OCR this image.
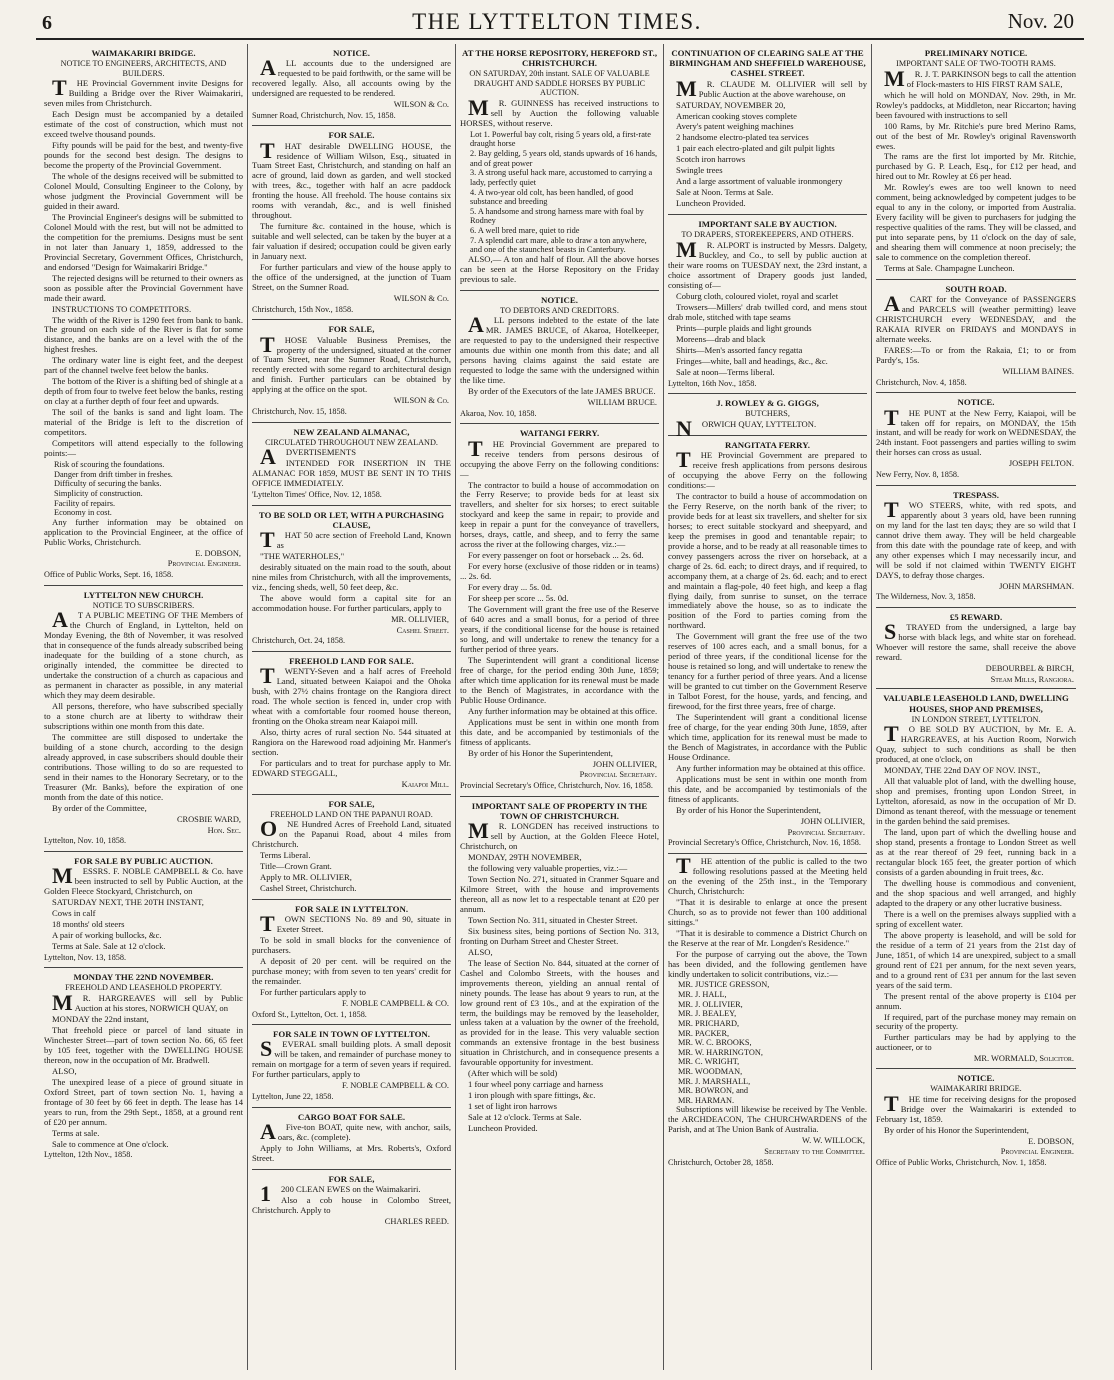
6	THE LYTTELTON TIMES.	Nov. 20
WAIMAKARIRI BRIDGE.
NOTICE TO ENGINEERS, ARCHITECTS, AND BUILDERS.
THE Provincial Government invite Designs for Building a Bridge over the River Waimakariri, seven miles from Christchurch.
Each Design must be accompanied by a detailed estimate of the cost of construction, which must not exceed twelve thousand pounds.
Fifty pounds will be paid for the best, and twenty-five pounds for the second best design. The designs to become the property of the Provincial Government.
The whole of the designs received will be submitted to Colonel Mould, Consulting Engineer to the Colony, by whose judgment the Provincial Government will be guided in their award.
The Provincial Engineer's designs will be submitted to Colonel Mould with the rest, but will not be admitted to the competition for the premiums. Designs must be sent in not later than January 1, 1859, addressed to the Provincial Secretary, Government Offices, Christchurch, and endorsed "Design for Waimakariri Bridge."
The rejected designs will be returned to their owners as soon as possible after the Provincial Government have made their award.
INSTRUCTIONS TO COMPETITORS.
The width of the River is 1290 feet from bank to bank. The ground on each side of the River is flat for some distance, and the banks are on a level with the of the highest freshes.
The ordinary water line is eight feet, and the deepest part of the channel twelve feet below the banks.
The bottom of the River is a shifting bed of shingle at a depth of from four to twelve feet below the banks, resting on clay at a further depth of four feet and upwards.
The soil of the banks is sand and light loam. The material of the Bridge is left to the discretion of competitors.
Competitors will attend especially to the following points:—
Risk of scouring the foundations.
Danger from drift timber in freshes.
Difficulty of securing the banks.
Simplicity of construction.
Facility of repairs.
Economy in cost.
Any further information may be obtained on application to the Provincial Engineer, at the office of Public Works, Christchurch.
E. DOBSON,
Provincial Engineer.
Office of Public Works, Sept. 16, 1858.
LYTTELTON NEW CHURCH.
NOTICE TO SUBSCRIBERS.
AT A PUBLIC MEETING OF THE Members of the Church of England, in Lyttelton, held on Monday Evening, the 8th of November, it was resolved that in consequence of the funds already subscribed being inadequate for the building of a stone church, as originally intended, the committee be directed to undertake the construction of a church as capacious and as permanent in character as possible, in any material which they may deem desirable.
All persons, therefore, who have subscribed specially to a stone church are at liberty to withdraw their subscriptions within one month from this date.
The committee are still disposed to undertake the building of a stone church, according to the design already approved, in case subscribers should double their contributions. Those willing to do so are requested to send in their names to the Honorary Secretary, or to the Treasurer (Mr. Banks), before the expiration of one month from the date of this notice.
By order of the Committee,
CROSBIE WARD,
Hon. Sec.
Lyttelton, Nov. 10, 1858.
FOR SALE BY PUBLIC AUCTION.
MESSRS. F. NOBLE CAMPBELL & Co. have been instructed to sell by Public Auction, at the Golden Fleece Stockyard, Christchurch, on
SATURDAY NEXT, THE 20TH INSTANT,
Cows in calf
18 months' old steers
A pair of working bullocks, &c.
Terms at Sale. Sale at 12 o'clock.
Lyttelton, Nov. 13, 1858.
MONDAY THE 22ND NOVEMBER.
FREEHOLD AND LEASEHOLD PROPERTY.
MR. HARGREAVES will sell by Public Auction at his stores, NORWICH QUAY, on
MONDAY the 22nd instant,
That freehold piece or parcel of land situate in Winchester Street—part of town section No. 66, 65 feet by 105 feet, together with the DWELLING HOUSE thereon, now in the occupation of Mr. Bradwell.
ALSO,
The unexpired lease of a piece of ground situate in Oxford Street, part of town section No. 1, having a frontage of 30 feet by 66 feet in depth. The lease has 14 years to run, from the 29th Sept., 1858, at a ground rent of £20 per annum.
Terms at sale.
Sale to commence at One o'clock.
Lyttelton, 12th Nov., 1858.
NOTICE.
ALL accounts due to the undersigned are requested to be paid forthwith, or the same will be recovered legally. Also, all accounts owing by the undersigned are requested to be rendered.
WILSON & Co.
Sumner Road, Christchurch, Nov. 15, 1858.
FOR SALE.
THAT desirable DWELLING HOUSE, the residence of William Wilson, Esq., situated in Tuam Street East, Christchurch, and standing on half an acre of ground, laid down as garden, and well stocked with trees, &c., together with half an acre paddock fronting the house. All freehold. The house contains six rooms with verandah, &c., and is well finished throughout.
The furniture &c. contained in the house, which is suitable and well selected, can be taken by the buyer at a fair valuation if desired; occupation could be given early in January next.
For further particulars and view of the house apply to the office of the undersigned, at the junction of Tuam Street, on the Sumner Road.
WILSON & Co.
Christchurch, 15th Nov., 1858.
FOR SALE,
THOSE Valuable Business Premises, the property of the undersigned, situated at the corner of Tuam Street, near the Sumner Road, Christchurch, recently erected with some regard to architectural design and finish. Further particulars can be obtained by applying at the office on the spot.
WILSON & Co.
Christchurch, Nov. 15, 1858.
NEW ZEALAND ALMANAC,
CIRCULATED THROUGHOUT NEW ZEALAND.
ADVERTISEMENTS
INTENDED FOR INSERTION IN THE ALMANAC FOR 1859, MUST BE SENT IN TO THIS OFFICE IMMEDIATELY.
'Lyttelton Times' Office, Nov. 12, 1858.
TO BE SOLD OR LET, WITH A PURCHASING CLAUSE,
THAT 50 acre section of Freehold Land, Known as
"THE WATERHOLES,"
desirably situated on the main road to the south, about nine miles from Christchurch, with all the improvements, viz., fencing sheds, well, 50 feet deep, &c.
The above would form a capital site for an accommodation house. For further particulars, apply to
MR. OLLIVIER,
Cashel Street.
Christchurch, Oct. 24, 1858.
FREEHOLD LAND FOR SALE.
TWENTY-Seven and a half acres of Freehold Land, situated between Kaiapoi and the Ohoka bush, with 27½ chains frontage on the Rangiora direct road. The whole section is fenced in, under crop with wheat with a comfortable four roomed house thereon, fronting on the Ohoka stream near Kaiapoi mill.
Also, thirty acres of rural section No. 544 situated at Rangiora on the Harewood road adjoining Mr. Hanmer's section.
For particulars and to treat for purchase apply to Mr. EDWARD STEGGALL,
Kaiapoi Mill.
FOR SALE,
FREEHOLD LAND ON THE PAPANUI ROAD.
ONE Hundred Acres of Freehold Land, situated on the Papanui Road, about 4 miles from Christchurch.
Terms Liberal.
Title—Crown Grant.
Apply to MR. OLLIVIER,
Cashel Street, Christchurch.
FOR SALE IN LYTTELTON.
TOWN SECTIONS No. 89 and 90, situate in Exeter Street.
To be sold in small blocks for the convenience of purchasers.
A deposit of 20 per cent. will be required on the purchase money; with from seven to ten years' credit for the remainder.
For further particulars apply to
F. NOBLE CAMPBELL & CO.
Oxford St., Lyttelton, Oct. 1, 1858.
FOR SALE IN TOWN OF LYTTELTON.
SEVERAL small building plots. A small deposit will be taken, and remainder of purchase money to remain on mortgage for a term of seven years if required. For further particulars, apply to
F. NOBLE CAMPBELL & CO.
Lyttelton, June 22, 1858.
CARGO BOAT FOR SALE.
AFive-ton BOAT, quite new, with anchor, sails, oars, &c. (complete).
Apply to John Williams, at Mrs. Roberts's, Oxford Street.
FOR SALE,
1200 CLEAN EWES on the Waimakariri.
Also a cob house in Colombo Street, Christchurch. Apply to
CHARLES REED.
AT THE HORSE REPOSITORY, HEREFORD ST., CHRISTCHURCH.
ON SATURDAY, 20th instant. SALE OF VALUABLE DRAUGHT AND SADDLE HORSES BY PUBLIC AUCTION.
MR. GUINNESS has received instructions to sell by Auction the following valuable HORSES, without reserve.
Lot 1. Powerful bay colt, rising 5 years old, a first-rate draught horse
2. Bay gelding, 5 years old, stands upwards of 16 hands, and of great power
3. A strong useful hack mare, accustomed to carrying a lady, perfectly quiet
4. A two-year old colt, has been handled, of good substance and breeding
5. A handsome and strong harness mare with foal by Rodney
6. A well bred mare, quiet to ride
7. A splendid cart mare, able to draw a ton anywhere, and one of the staunchest beasts in Canterbury.
ALSO,— A ton and half of flour. All the above horses can be seen at the Horse Repository on the Friday previous to sale.
NOTICE.
TO DEBTORS AND CREDITORS.
ALL persons indebted to the estate of the late MR. JAMES BRUCE, of Akaroa, Hotelkeeper, are requested to pay to the undersigned their respective amounts due within one month from this date; and all persons having claims against the said estate are requested to lodge the same with the undersigned within the like time.
By order of the Executors of the late JAMES BRUCE.
WILLIAM BRUCE.
Akaroa, Nov. 10, 1858.
WAITANGI FERRY.
THE Provincial Government are prepared to receive tenders from persons desirous of occupying the above Ferry on the following conditions:—
The contractor to build a house of accommodation on the Ferry Reserve; to provide beds for at least six travellers, and shelter for six horses; to erect suitable stockyard and keep the same in repair; to provide and keep in repair a punt for the conveyance of travellers, horses, drays, cattle, and sheep, and to ferry the same across the river at the following charges, viz.:—
For every passenger on foot or horseback ... 2s. 6d.
For every horse (exclusive of those ridden or in teams) ... 2s. 6d.
For every dray ... 5s. 0d.
For sheep per score ... 5s. 0d.
The Government will grant the free use of the Reserve of 640 acres and a small bonus, for a period of three years, if the conditional license for the house is retained so long, and will undertake to renew the tenancy for a further period of three years.
The Superintendent will grant a conditional license free of charge, for the period ending 30th June, 1859; after which time application for its renewal must be made to the Bench of Magistrates, in accordance with the Public House Ordinance.
Any further information may be obtained at this office.
Applications must be sent in within one month from this date, and be accompanied by testimonials of the fitness of applicants.
By order of his Honor the Superintendent,
JOHN OLLIVIER,
Provincial Secretary.
Provincial Secretary's Office, Christchurch, Nov. 16, 1858.
IMPORTANT SALE OF PROPERTY IN THE TOWN OF CHRISTCHURCH.
MR. LONGDEN has received instructions to sell by Auction, at the Golden Fleece Hotel, Christchurch, on
MONDAY, 29TH NOVEMBER,
the following very valuable properties, viz.:—
Town Section No. 271, situated in Cranmer Square and Kilmore Street, with the house and improvements thereon, all as now let to a respectable tenant at £20 per annum.
Town Section No. 311, situated in Chester Street.
Six business sites, being portions of Section No. 313, fronting on Durham Street and Chester Street.
ALSO,
The lease of Section No. 844, situated at the corner of Cashel and Colombo Streets, with the houses and improvements thereon, yielding an annual rental of ninety pounds. The lease has about 9 years to run, at the low ground rent of £3 10s., and at the expiration of the term, the buildings may be removed by the leaseholder, unless taken at a valuation by the owner of the freehold, as provided for in the lease. This very valuable section commands an extensive frontage in the best business situation in Christchurch, and in consequence presents a favourable opportunity for investment.
(After which will be sold)
1 four wheel pony carriage and harness
1 iron plough with spare fittings, &c.
1 set of light iron harrows
Sale at 12 o'clock. Terms at Sale.
Luncheon Provided.
CONTINUATION OF CLEARING SALE AT THE BIRMINGHAM AND SHEFFIELD WAREHOUSE, CASHEL STREET.
MR. CLAUDE M. OLLIVIER will sell by Public Auction at the above warehouse, on
SATURDAY, NOVEMBER 20,
American cooking stoves complete
Avery's patent weighing machines
2 handsome electro-plated tea services
1 pair each electro-plated and gilt pulpit lights
Scotch iron harrows
Swingle trees
And a large assortment of valuable ironmongery
Sale at Noon. Terms at Sale.
Luncheon Provided.
IMPORTANT SALE BY AUCTION.
TO DRAPERS, STOREKEEPERS, AND OTHERS.
MR. ALPORT is instructed by Messrs. Dalgety, Buckley, and Co., to sell by public auction at their ware rooms on TUESDAY next, the 23rd instant, a choice assortment of Drapery goods just landed, consisting of—
Coburg cloth, coloured violet, royal and scarlet
Trowsers—Millers' drab twilled cord, and mens stout drab mole, stitched with tape seams
Prints—purple plaids and light grounds
Moreens—drab and black
Shirts—Men's assorted fancy regatta
Fringes—white, ball and headings, &c., &c.
Sale at noon—Terms liberal.
Lyttelton, 16th Nov., 1858.
J. ROWLEY & G. GIGGS,
BUTCHERS,
NORWICH QUAY, LYTTELTON.
RANGITATA FERRY.
THE Provincial Government are prepared to receive fresh applications from persons desirous of occupying the above Ferry on the following conditions:—
The contractor to build a house of accommodation on the Ferry Reserve, on the north bank of the river; to provide beds for at least six travellers, and shelter for six horses; to erect suitable stockyard and sheepyard, and keep the premises in good and tenantable repair; to provide a horse, and to be ready at all reasonable times to convey passengers across the river on horseback, at a charge of 2s. 6d. each; to direct drays, and if required, to accompany them, at a charge of 2s. 6d. each; and to erect and maintain a flag-pole, 40 feet high, and keep a flag flying daily, from sunrise to sunset, on the terrace immediately above the house, so as to indicate the position of the Ford to parties coming from the northward.
The Government will grant the free use of the two reserves of 100 acres each, and a small bonus, for a period of three years, if the conditional license for the house is retained so long, and will undertake to renew the tenancy for a further period of three years. And a license will be granted to cut timber on the Government Reserve in Talbot Forest, for the house, yards, and fencing, and firewood, for the first three years, free of charge.
The Superintendent will grant a conditional license free of charge, for the year ending 30th June, 1859, after which time, application for its renewal must be made to the Bench of Magistrates, in accordance with the Public House Ordinance.
Any further information may be obtained at this office.
Applications must be sent in within one month from this date, and be accompanied by testimonials of the fitness of applicants.
By order of his Honor the Superintendent,
JOHN OLLIVIER,
Provincial Secretary.
Provincial Secretary's Office, Christchurch, Nov. 16, 1858.
THE attention of the public is called to the two following resolutions passed at the Meeting held on the evening of the 25th inst., in the Temporary Church, Christchurch:
"That it is desirable to enlarge at once the present Church, so as to provide not fewer than 100 additional sittings."
"That it is desirable to commence a District Church on the Reserve at the rear of Mr. Longden's Residence."
For the purpose of carrying out the above, the Town has been divided, and the following gentlemen have kindly undertaken to solicit contributions, viz.:—
MR. JUSTICE GRESSON,
MR. J. HALL,
MR. J. OLLIVIER,
MR. J. BEALEY,
MR. PRICHARD,
MR. PACKER,
MR. W. C. BROOKS,
MR. W. HARRINGTON,
MR. C. WRIGHT,
MR. WOODMAN,
MR. J. MARSHALL,
MR. BOWRON, and
MR. HARMAN.
Subscriptions will likewise be received by The Venble. the ARCHDEACON, The CHURCHWARDENS of the Parish, and at The Union Bank of Australia.
W. W. WILLOCK,
Secretary to the Committee.
Christchurch, October 28, 1858.
PRELIMINARY NOTICE.
IMPORTANT SALE OF TWO-TOOTH RAMS.
MR. J. T. PARKINSON begs to call the attention of Flock-masters to HIS FIRST RAM SALE,
which he will hold on MONDAY, Nov. 29th, in Mr. Rowley's paddocks, at Middleton, near Riccarton; having been favoured with instructions to sell
100 Rams, by Mr. Ritchie's pure bred Merino Rams, out of the best of Mr. Rowley's original Ravensworth ewes.
The rams are the first lot imported by Mr. Ritchie, purchased by G. P. Leach, Esq., for £12 per head, and hired out to Mr. Rowley at £6 per head.
Mr. Rowley's ewes are too well known to need comment, being acknowledged by competent judges to be equal to any in the colony, or imported from Australia. Every facility will be given to purchasers for judging the respective qualities of the rams. They will be classed, and put into separate pens, by 11 o'clock on the day of sale, and shearing them will commence at noon precisely; the sale to commence on the completion thereof.
Terms at Sale. Champagne Luncheon.
SOUTH ROAD.
ACART for the Conveyance of PASSENGERS and PARCELS will (weather permitting) leave CHRISTCHURCH every WEDNESDAY, and the RAKAIA RIVER on FRIDAYS and MONDAYS in alternate weeks.
FARES:—To or from the Rakaia, £1; to or from Pardy's, 15s.
WILLIAM BAINES.
Christchurch, Nov. 4, 1858.
NOTICE.
THE PUNT at the New Ferry, Kaiapoi, will be taken off for repairs, on MONDAY, the 15th instant, and will be ready for work on WEDNESDAY, the 24th instant. Foot passengers and parties willing to swim their horses can cross as usual.
JOSEPH FELTON.
New Ferry, Nov. 8, 1858.
TRESPASS.
TWO STEERS, white, with red spots, and apparently about 3 years old, have been running on my land for the last ten days; they are so wild that I cannot drive them away. They will be held chargeable from this date with the poundage rate of keep, and with any other expenses which I may necessarily incur, and will be sold if not claimed within TWENTY EIGHT DAYS, to defray those charges.
JOHN MARSHMAN.
The Wilderness, Nov. 3, 1858.
£5 REWARD.
STRAYED from the undersigned, a large bay horse with black legs, and white star on forehead. Whoever will restore the same, shall receive the above reward.
DEBOURBEL & BIRCH,
Steam Mills, Rangiora.
VALUABLE LEASEHOLD LAND, DWELLING HOUSES, SHOP AND PREMISES,
IN LONDON STREET, LYTTELTON.
TO BE SOLD BY AUCTION, by Mr. E. A. HARGREAVES, at his Auction Room, Norwich Quay, subject to such conditions as shall be then produced, at one o'clock, on
MONDAY, THE 22nd DAY OF NOV. INST.,
All that valuable plot of land, with the dwelling house, shop and premises, fronting upon London Street, in Lyttelton, aforesaid, as now in the occupation of Mr D. Dimond as tenant thereof, with the messuage or tenement in the garden behind the said premises.
The land, upon part of which the dwelling house and shop stand, presents a frontage to London Street as well as at the rear thereof of 29 feet, running back in a rectangular block 165 feet, the greater portion of which consists of a garden abounding in fruit trees, &c.
The dwelling house is commodious and convenient, and the shop spacious and well arranged, and highly adapted to the drapery or any other lucrative business.
There is a well on the premises always supplied with a spring of excellent water.
The above property is leasehold, and will be sold for the residue of a term of 21 years from the 21st day of June, 1851, of which 14 are unexpired, subject to a small ground rent of £21 per annum, for the next seven years, and to a ground rent of £31 per annum for the last seven years of the said term.
The present rental of the above property is £104 per annum.
If required, part of the purchase money may remain on security of the property.
Further particulars may be had by applying to the auctioneer, or to
MR. WORMALD, Solicitor.
NOTICE.
WAIMAKARIRI BRIDGE.
THE time for receiving designs for the proposed Bridge over the Waimakariri is extended to February 1st, 1859.
By order of his Honor the Superintendent,
E. DOBSON,
Provincial Engineer.
Office of Public Works, Christchurch, Nov. 1, 1858.
